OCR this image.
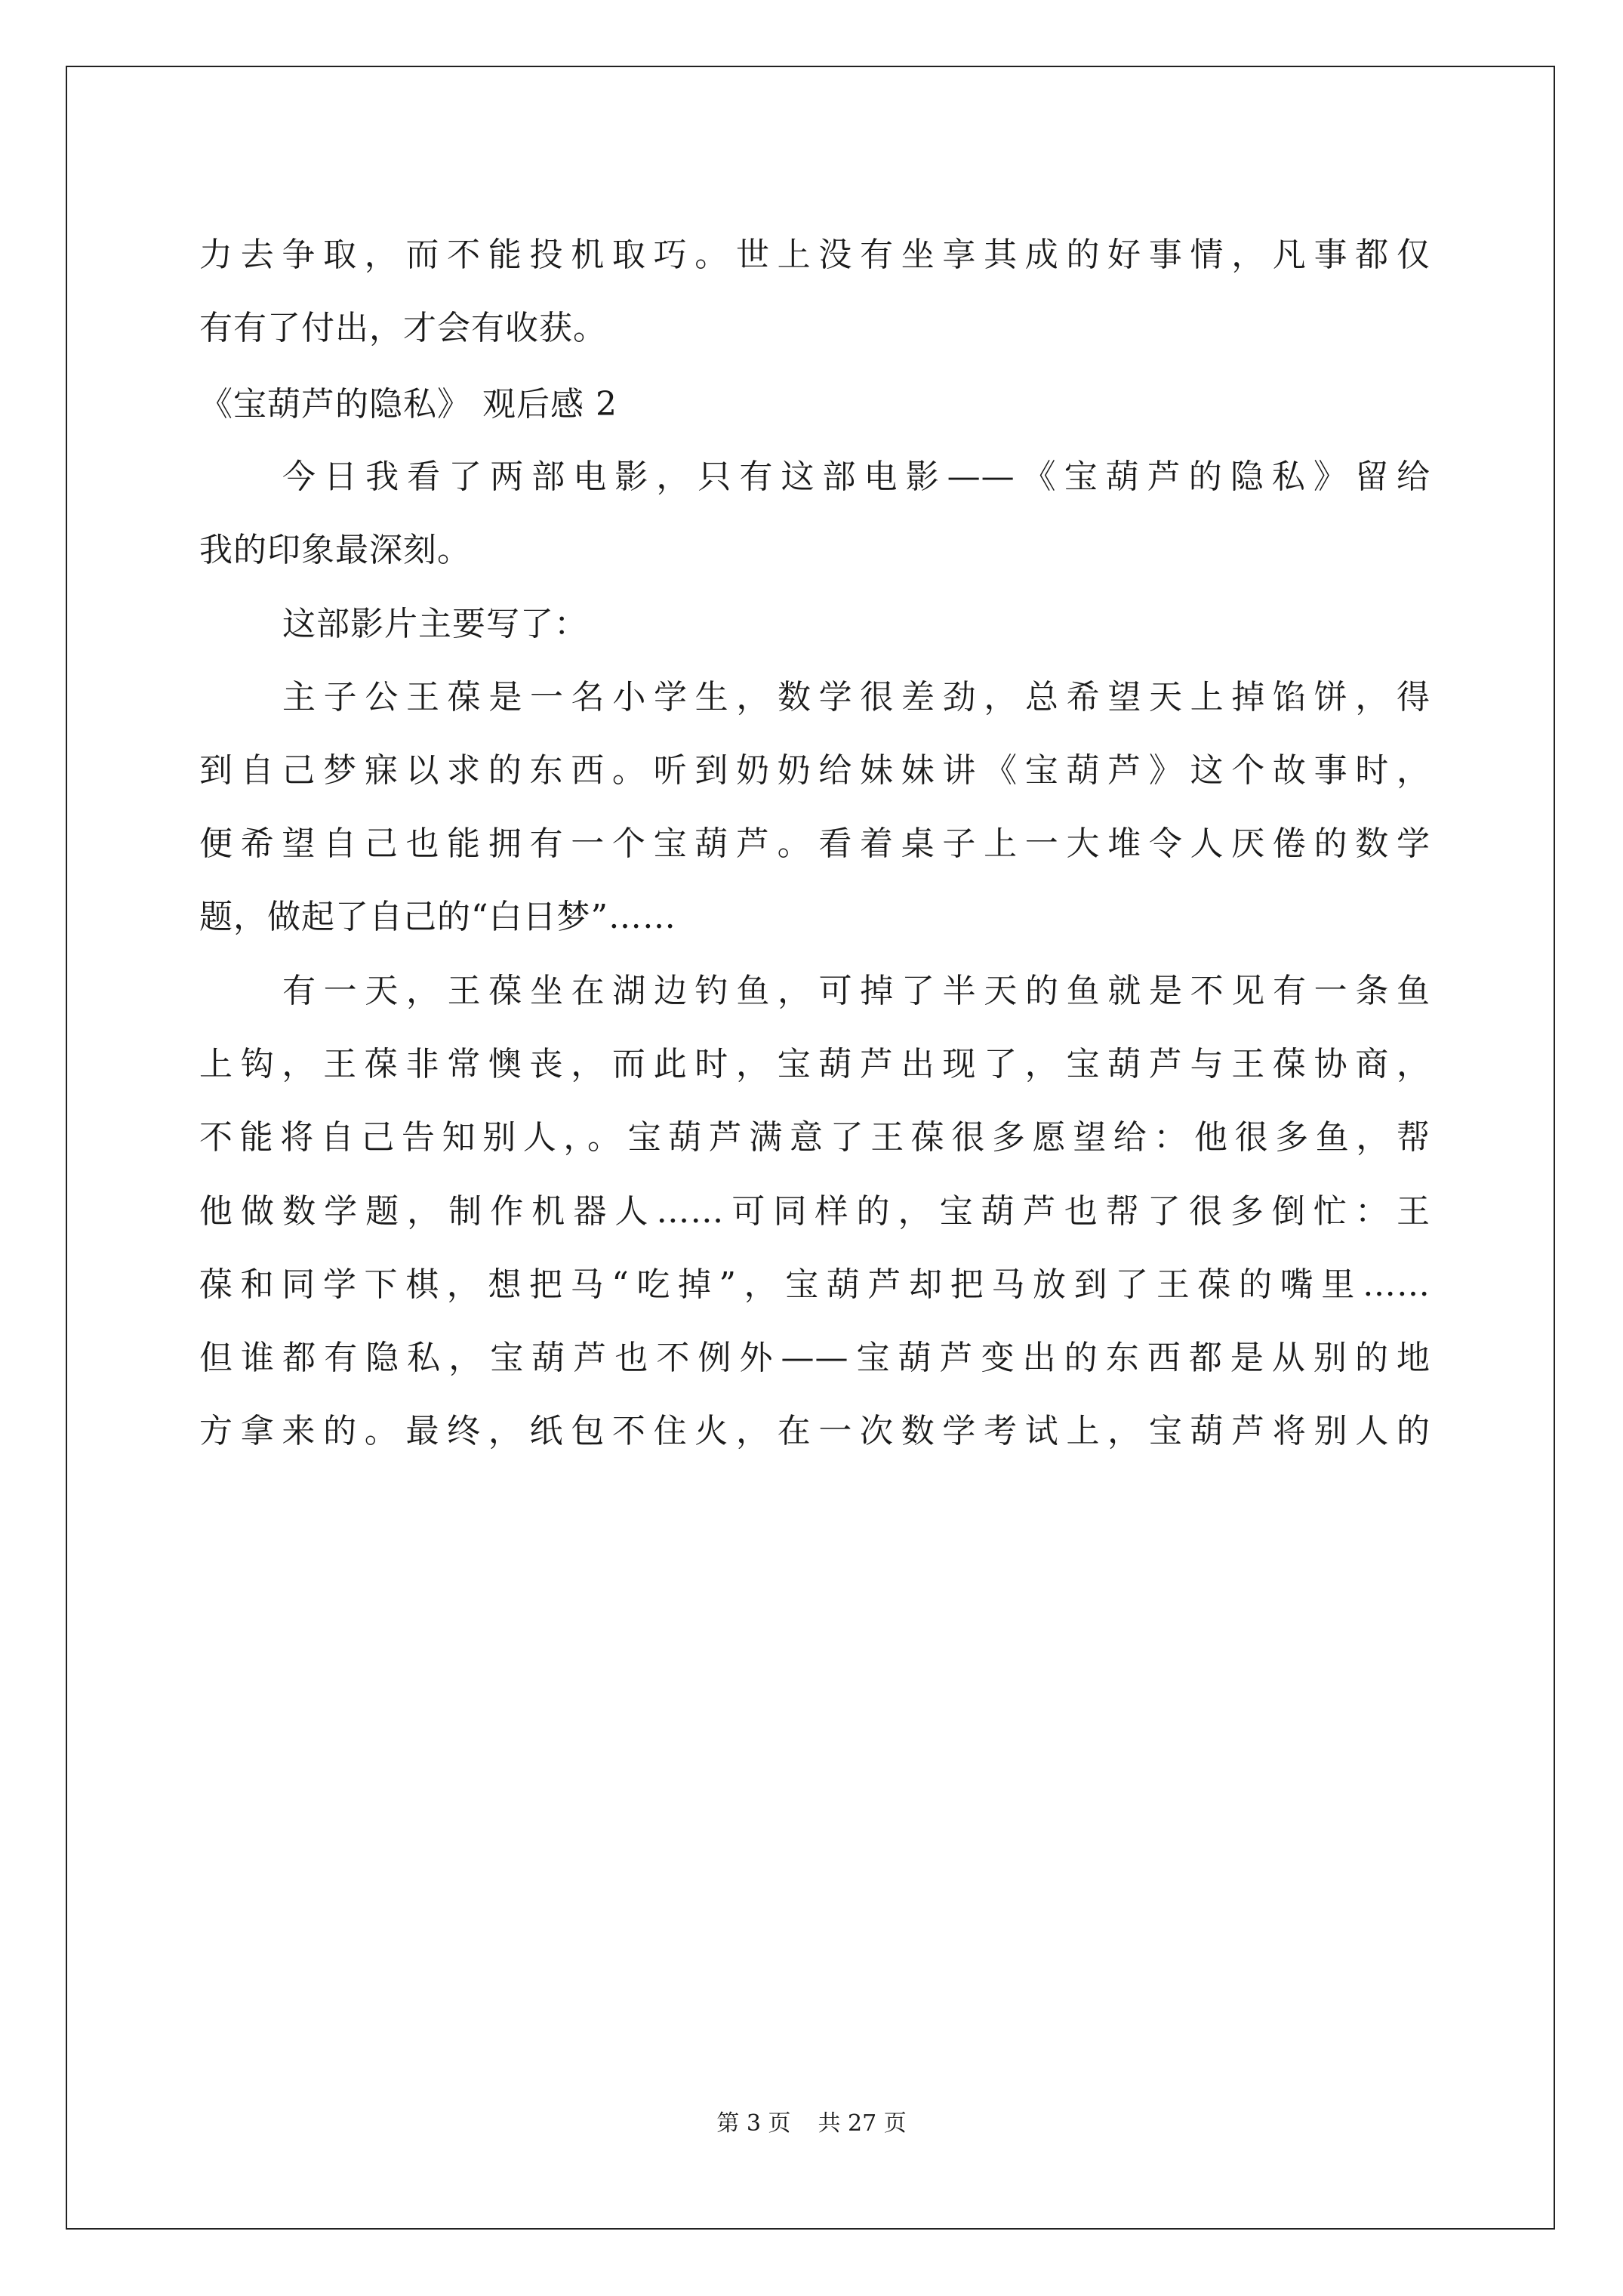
力去争取，而不能投机取巧。世上没有坐享其成的好事情，凡事都仅
有有了付出，才会有收获。
《宝葫芦的隐私》 观后感 2
今日我看了两部电影，只有这部电影——《宝葫芦的隐私》留给
我的印象最深刻。
这部影片主要写了：
主子公王葆是一名小学生，数学很差劲，总希望天上掉馅饼，得
到自己梦寐以求的东西。听到奶奶给妹妹讲《宝葫芦》这个故事时，
便希望自己也能拥有一个宝葫芦。看着桌子上一大堆令人厌倦的数学
题，做起了自己的“白日梦”……
有一天，王葆坐在湖边钓鱼，可掉了半天的鱼就是不见有一条鱼
上钩，王葆非常懊丧，而此时，宝葫芦出现了，宝葫芦与王葆协商，
不能将自己告知别人，。宝葫芦满意了王葆很多愿望给：他很多鱼，帮
他做数学题，制作机器人……可同样的，宝葫芦也帮了很多倒忙：王
葆和同学下棋，想把马“吃掉”，宝葫芦却把马放到了王葆的嘴里……
但谁都有隐私，宝葫芦也不例外——宝葫芦变出的东西都是从别的地
方拿来的。最终，纸包不住火，在一次数学考试上，宝葫芦将别人的
第 3 页 共 27 页
